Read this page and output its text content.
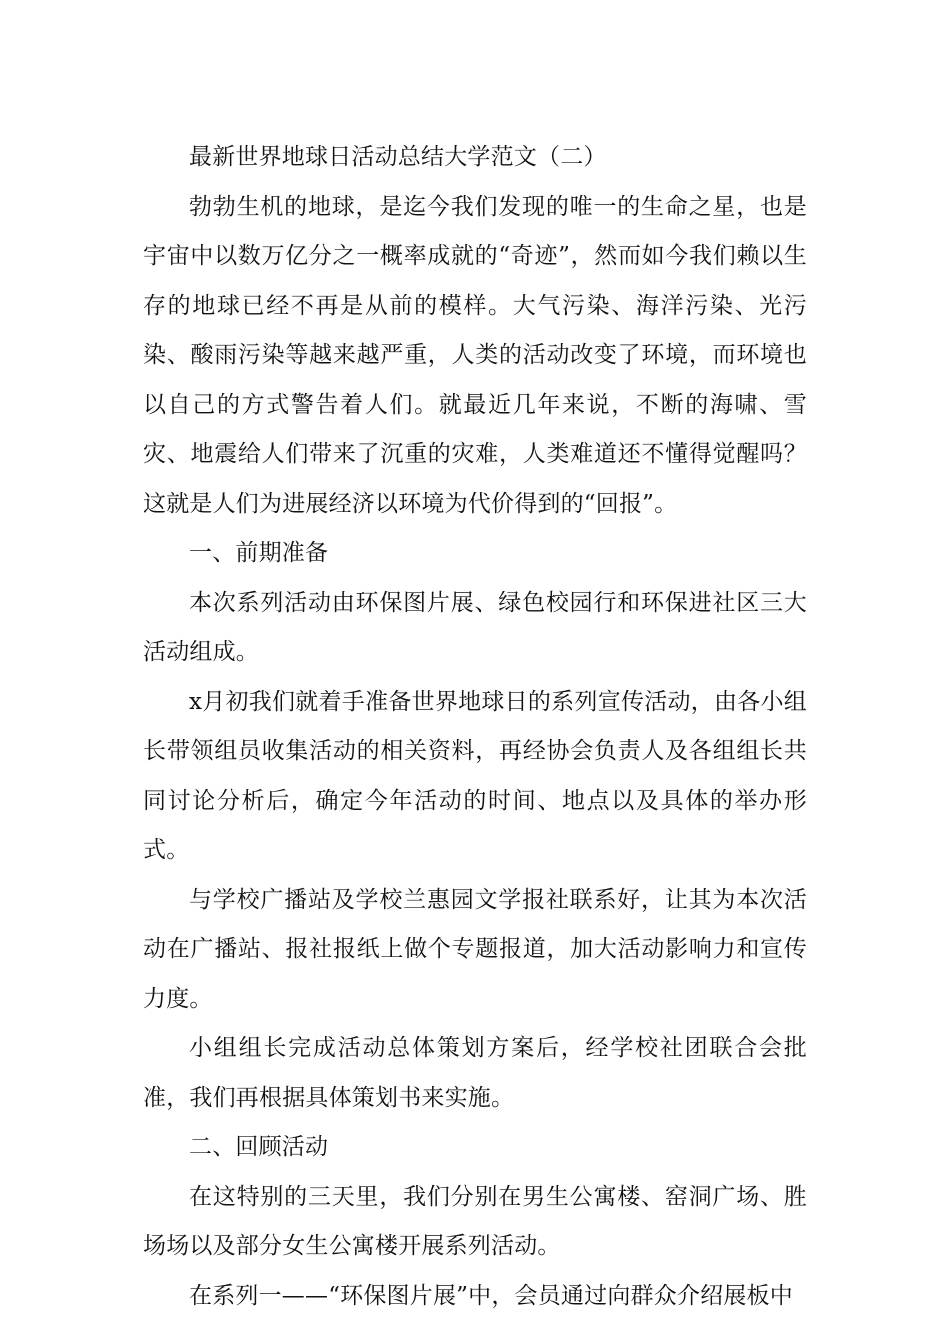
最新世界地球日活动总结大学范文（二）

勃勃生机的地球，是迄今我们发现的唯一的生命之星，也是宇宙中以数万亿分之一概率成就的“奇迹”，然而如今我们赖以生存的地球已经不再是从前的模样。大气污染、海洋污染、光污染、酸雨污染等越来越严重，人类的活动改变了环境，而环境也以自己的方式警告着人们。就最近几年来说，不断的海啸、雪灾、地震给人们带来了沉重的灾难，人类难道还不懂得觉醒吗？这就是人们为进展经济以环境为代价得到的“回报”。

一、前期准备

本次系列活动由环保图片展、绿色校园行和环保进社区三大活动组成。

x月初我们就着手准备世界地球日的系列宣传活动，由各小组长带领组员收集活动的相关资料，再经协会负责人及各组组长共同讨论分析后，确定今年活动的时间、地点以及具体的举办形式。

与学校广播站及学校兰惠园文学报社联系好，让其为本次活动在广播站、报社报纸上做个专题报道，加大活动影响力和宣传力度。

小组组长完成活动总体策划方案后，经学校社团联合会批准，我们再根据具体策划书来实施。

二、回顾活动

在这特别的三天里，我们分别在男生公寓楼、窑洞广场、胜场场以及部分女生公寓楼开展系列活动。

在系列一——“环保图片展”中，会员通过向群众介绍展板中
